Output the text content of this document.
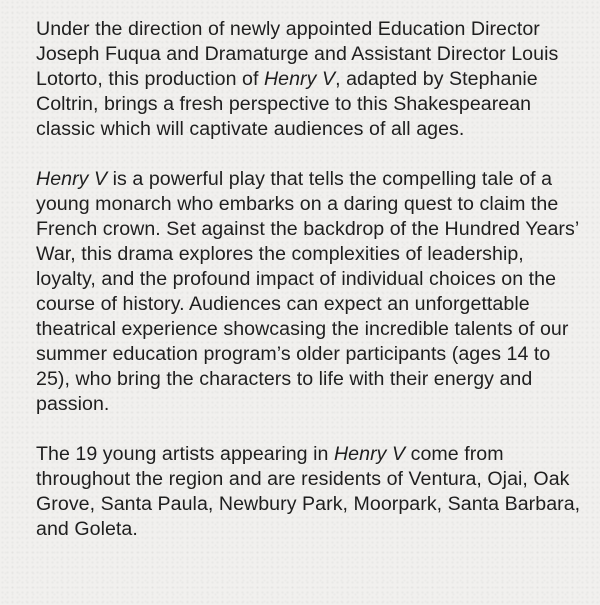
Under the direction of newly appointed Education Director Joseph Fuqua and Dramaturge and Assistant Director Louis Lotorto, this production of Henry V, adapted by Stephanie Coltrin, brings a fresh perspective to this Shakespearean classic which will captivate audiences of all ages.

Henry V is a powerful play that tells the compelling tale of a young monarch who embarks on a daring quest to claim the French crown. Set against the backdrop of the Hundred Years’ War, this drama explores the complexities of leadership, loyalty, and the profound impact of individual choices on the course of history. Audiences can expect an unforgettable theatrical experience showcasing the incredible talents of our summer education program’s older participants (ages 14 to 25), who bring the characters to life with their energy and passion.

The 19 young artists appearing in Henry V come from throughout the region and are residents of Ventura, Ojai, Oak Grove, Santa Paula, Newbury Park, Moorpark, Santa Barbara, and Goleta.
